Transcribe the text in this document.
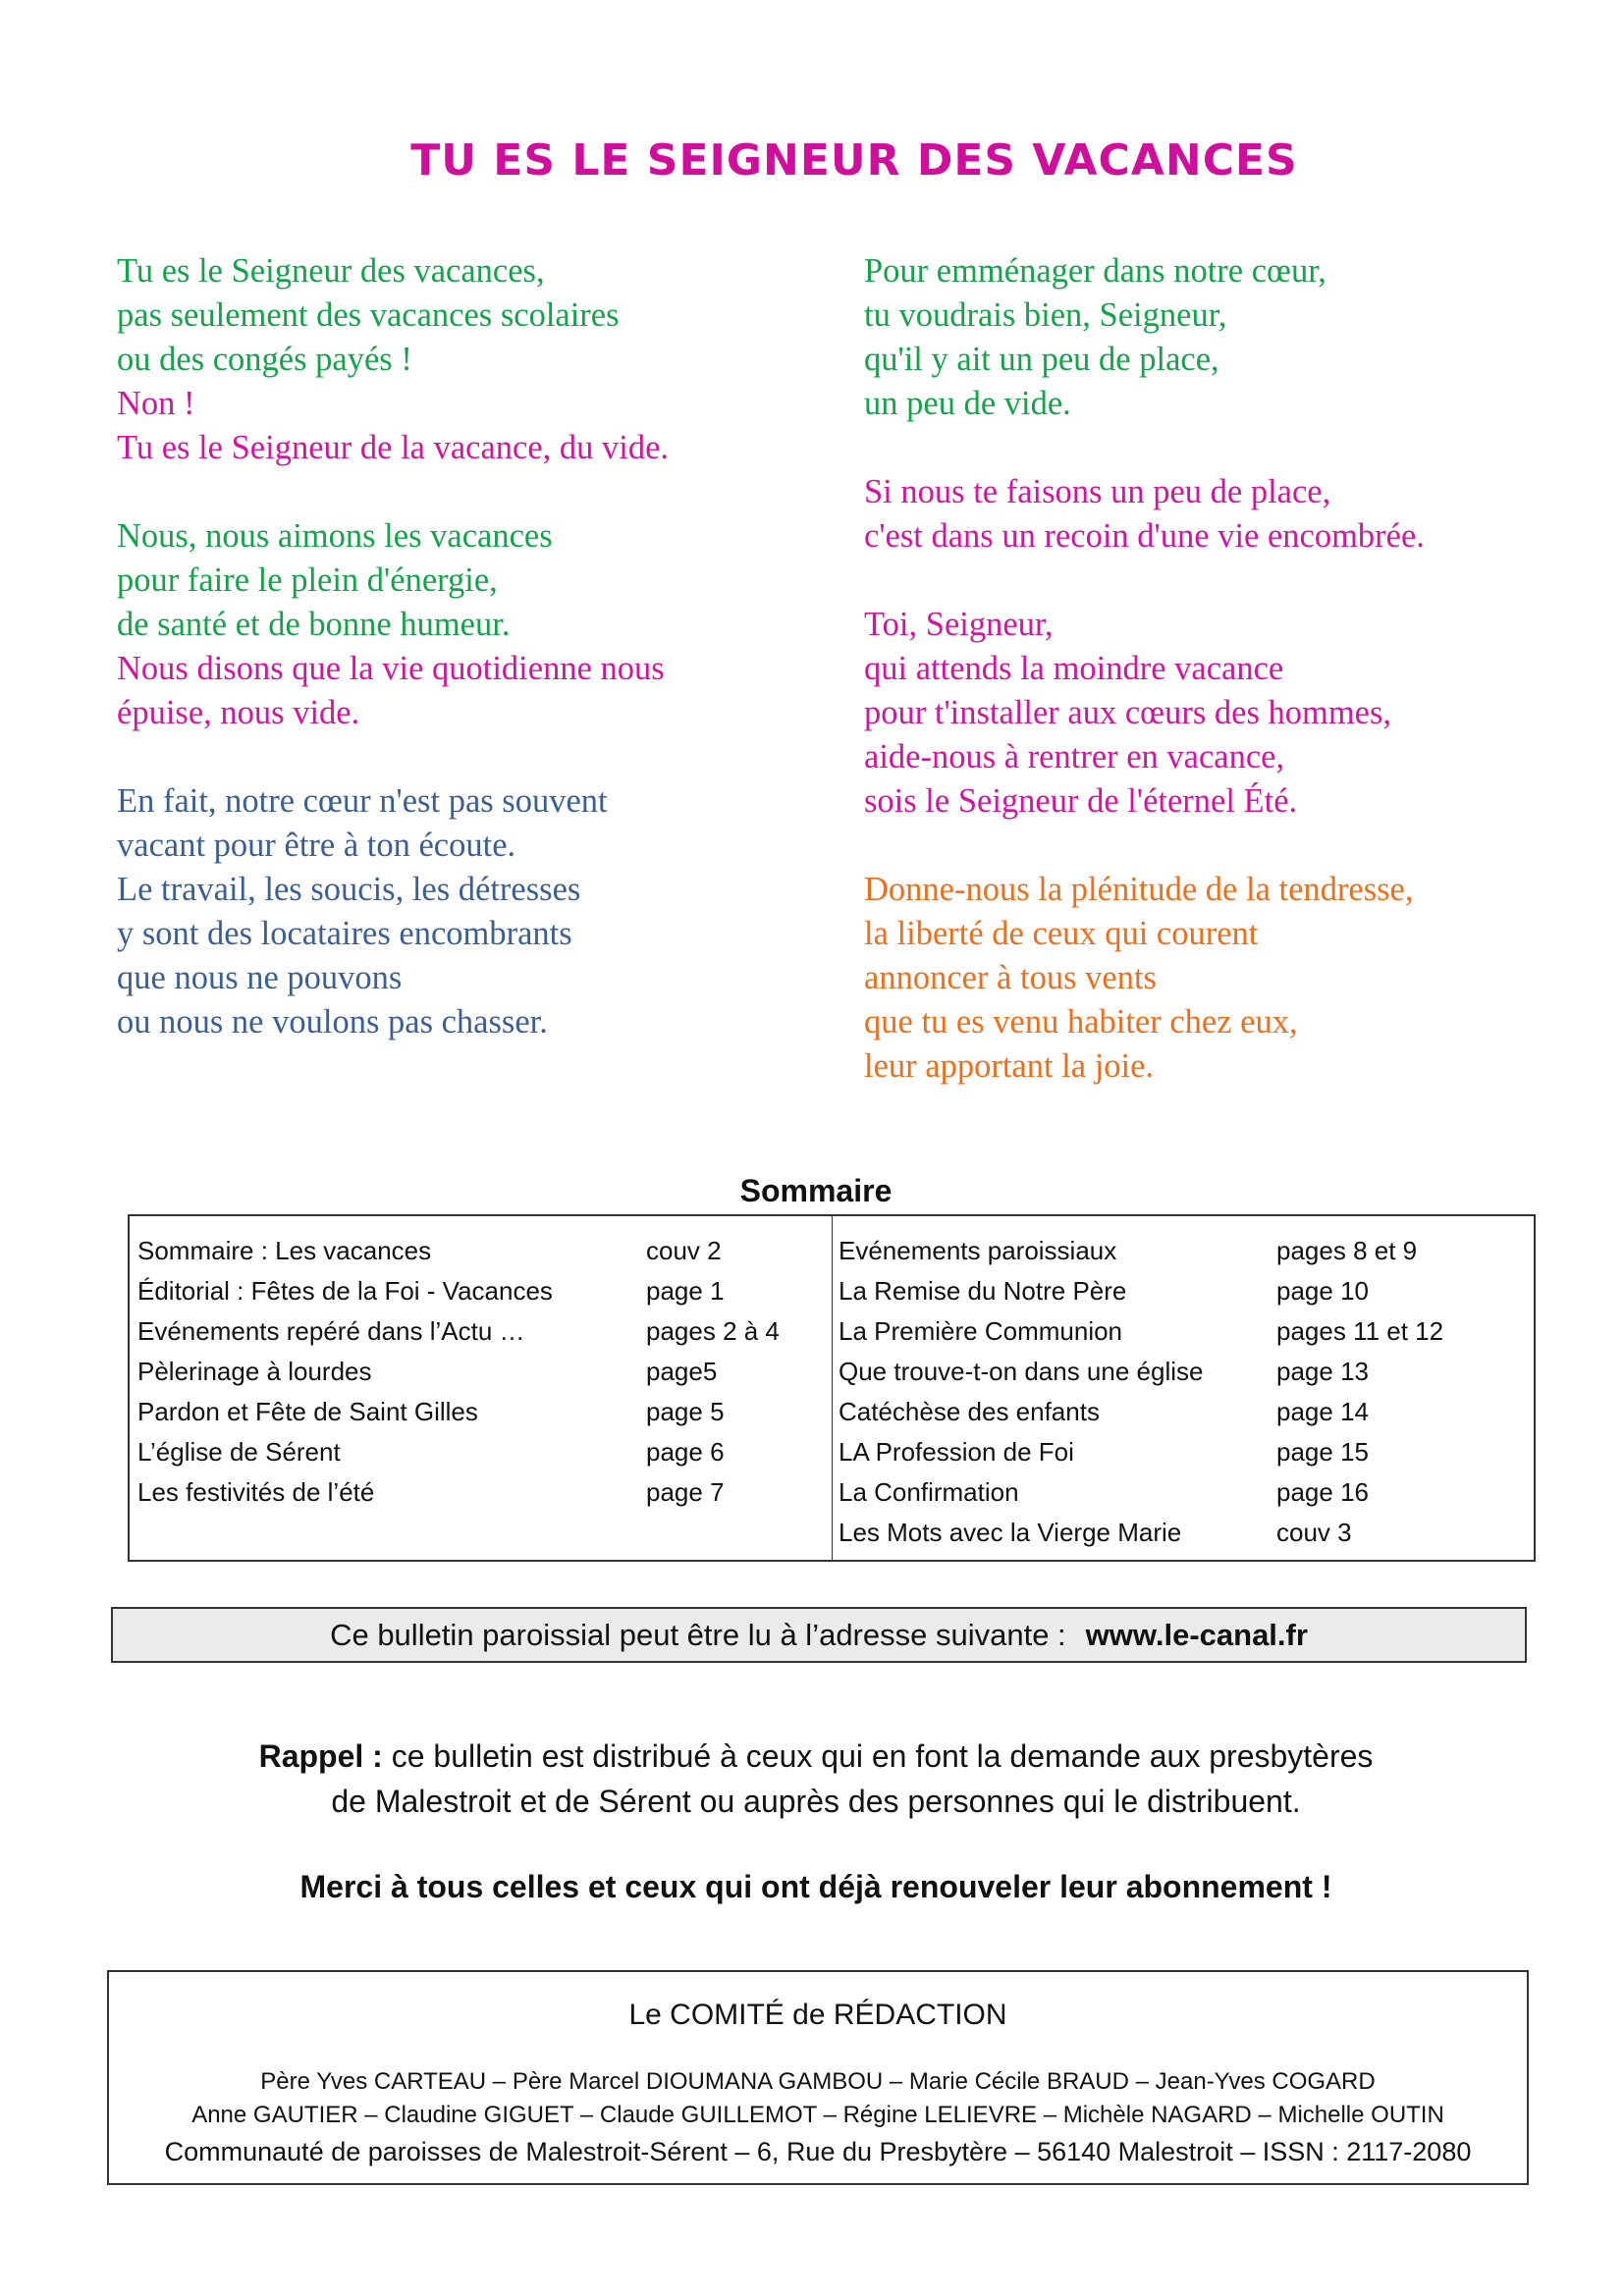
TU ES LE SEIGNEUR DES VACANCES
Tu es le Seigneur des vacances,
pas seulement des vacances scolaires
ou des congés payés !
Non !
Tu es le Seigneur de la vacance, du vide.
Nous, nous aimons les vacances
pour faire le plein d'énergie,
de santé et de bonne humeur.
Nous disons que la vie quotidienne nous
épuise, nous vide.
En fait, notre cœur n'est pas souvent
vacant pour être à ton écoute.
Le travail, les soucis, les détresses
y sont des locataires encombrants
que nous ne pouvons
ou nous ne voulons pas chasser.
Pour emménager dans notre cœur,
tu voudrais bien, Seigneur,
qu'il y ait un peu de place,
un peu de vide.
Si nous te faisons un peu de place,
c'est dans un recoin d'une vie encombrée.
Toi, Seigneur,
qui attends la moindre vacance
pour t'installer aux cœurs des hommes,
aide-nous à rentrer en vacance,
sois le Seigneur de l'éternel Été.
Donne-nous la plénitude de la tendresse,
la liberté de ceux qui courent
annoncer à tous vents
que tu es venu habiter chez eux,
leur apportant la joie.
Sommaire
Sommaire : Les vacances	couv 2
Éditorial : Fêtes de la Foi - Vacances	page 1
Evénements repéré dans l’Actu …	pages 2 à 4
Pèlerinage à lourdes	page5
Pardon et Fête de Saint Gilles	page 5
L’église de Sérent	page 6
Les festivités de l’été	page 7
Evénements paroissiaux	pages 8 et 9
La Remise du Notre Père	page 10
La Première Communion	pages 11 et 12
Que trouve-t-on dans une église	page 13
Catéchèse des enfants	page 14
LA Profession de Foi	page 15
La Confirmation	page 16
Les Mots avec la Vierge Marie	couv 3
Ce bulletin paroissial peut être lu à l’adresse suivante : www.le-canal.fr
Rappel : ce bulletin est distribué à ceux qui en font la demande aux presbytères
de Malestroit et de Sérent ou auprès des personnes qui le distribuent.
Merci à tous celles et ceux qui ont déjà renouveler leur abonnement !
Le COMITÉ de RÉDACTION
Père Yves CARTEAU – Père Marcel DIOUMANA GAMBOU – Marie Cécile BRAUD – Jean-Yves COGARD
Anne GAUTIER – Claudine GIGUET – Claude GUILLEMOT – Régine LELIEVRE – Michèle NAGARD – Michelle OUTIN
Communauté de paroisses de Malestroit-Sérent – 6, Rue du Presbytère – 56140 Malestroit – ISSN : 2117-2080
